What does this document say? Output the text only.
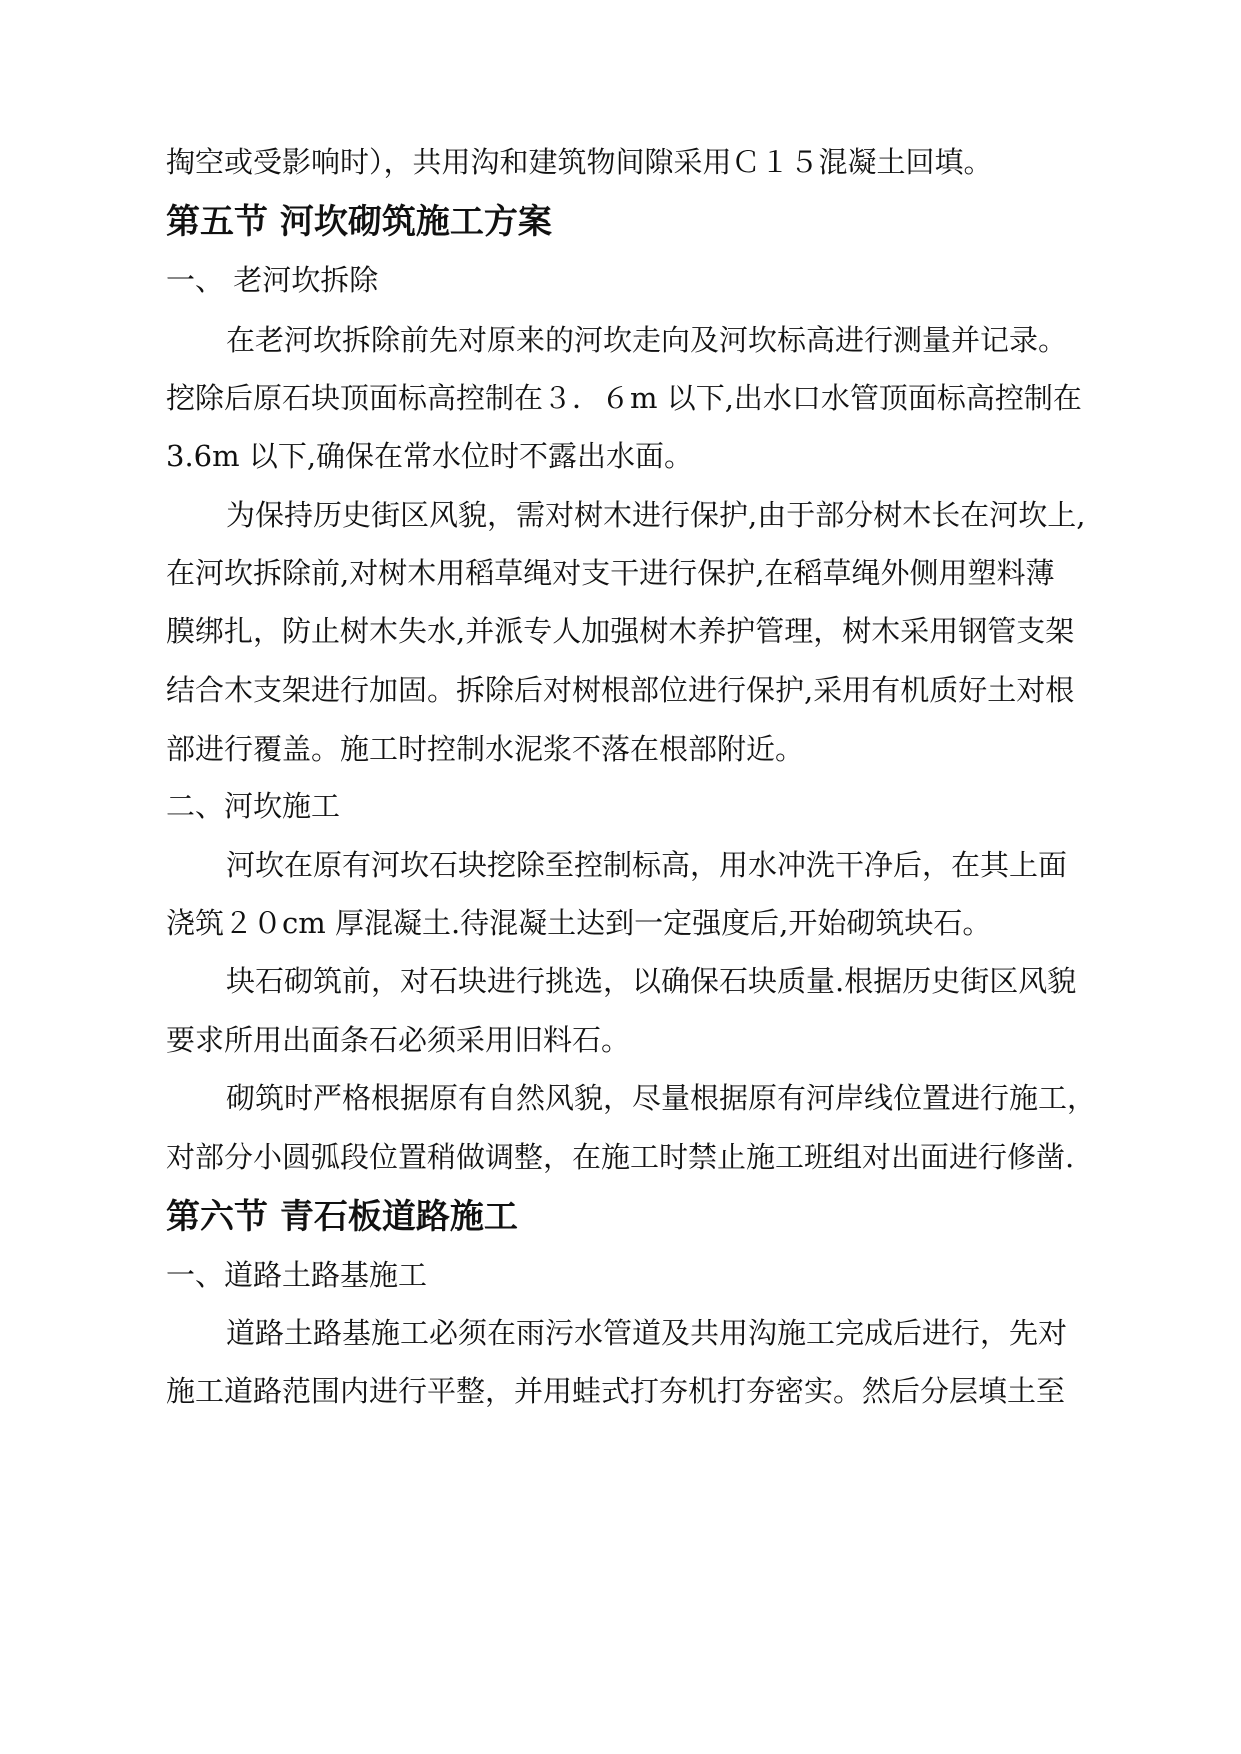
掏空或受影响时），共用沟和建筑物间隙采用Ｃ１５混凝土回填。
第五节 河坎砌筑施工方案
一、 老河坎拆除
在老河坎拆除前先对原来的河坎走向及河坎标高进行测量并记录。
挖除后原石块顶面标高控制在３．６m 以下,出水口水管顶面标高控制在
3.6m 以下,确保在常水位时不露出水面。
为保持历史街区风貌，需对树木进行保护,由于部分树木长在河坎上,
在河坎拆除前,对树木用稻草绳对支干进行保护,在稻草绳外侧用塑料薄
膜绑扎，防止树木失水,并派专人加强树木养护管理，树木采用钢管支架
结合木支架进行加固。拆除后对树根部位进行保护,采用有机质好土对根
部进行覆盖。施工时控制水泥浆不落在根部附近。
二、河坎施工
河坎在原有河坎石块挖除至控制标高，用水冲洗干净后，在其上面
浇筑２０cm 厚混凝土.待混凝土达到一定强度后,开始砌筑块石。
块石砌筑前，对石块进行挑选，以确保石块质量.根据历史街区风貌
要求所用出面条石必须采用旧料石。
砌筑时严格根据原有自然风貌，尽量根据原有河岸线位置进行施工，
对部分小圆弧段位置稍做调整，在施工时禁止施工班组对出面进行修凿.
第六节 青石板道路施工
一、道路土路基施工
道路土路基施工必须在雨污水管道及共用沟施工完成后进行，先对
施工道路范围内进行平整，并用蛙式打夯机打夯密实。然后分层填土至
